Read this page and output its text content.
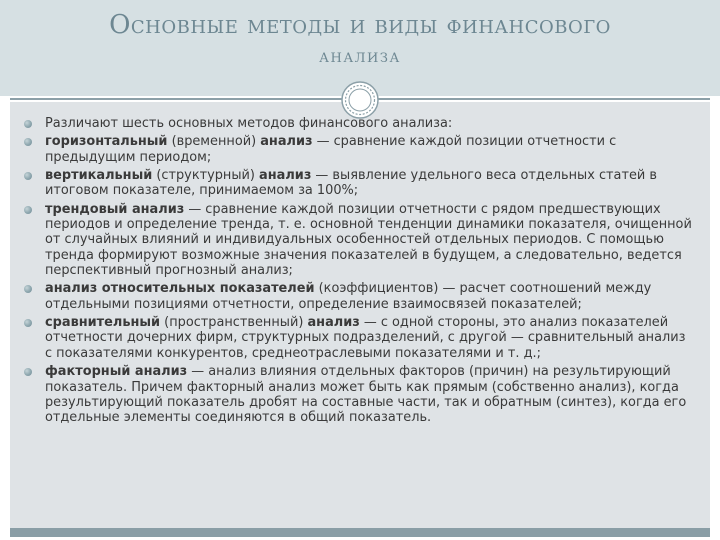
Основные методы и виды финансового
анализа
Различают шесть основных методов финансового анализа:
горизонтальный (временной) анализ — сравнение каждой позиции отчетности с предыдущим периодом;
вертикальный (структурный) анализ — выявление удельного веса отдельных статей в итоговом показателе, принимаемом за 100%;
трендовый анализ — сравнение каждой позиции отчетности с рядом предшествующих периодов и определение тренда, т. е. основной тенденции динамики показателя, очищенной от случайных влияний и индивидуальных особенностей отдельных периодов. С помощью тренда формируют возможные значения показателей в будущем, а следовательно, ведется перспективный прогнозный анализ;
анализ относительных показателей (коэффициентов) — расчет соотношений между отдельными позициями отчетности, определение взаимосвязей показателей;
сравнительный (пространственный) анализ — с одной стороны, это анализ показателей отчетности дочерних фирм, структурных подразделений, с другой — сравнительный анализ с показателями конкурентов, среднеотраслевыми показателями и т. д.;
факторный анализ — анализ влияния отдельных факторов (причин) на результирующий показатель. Причем факторный анализ может быть как прямым (собственно анализ), когда результирующий показатель дробят на составные части, так и обратным (синтез), когда его отдельные элементы соединяются в общий показатель.
